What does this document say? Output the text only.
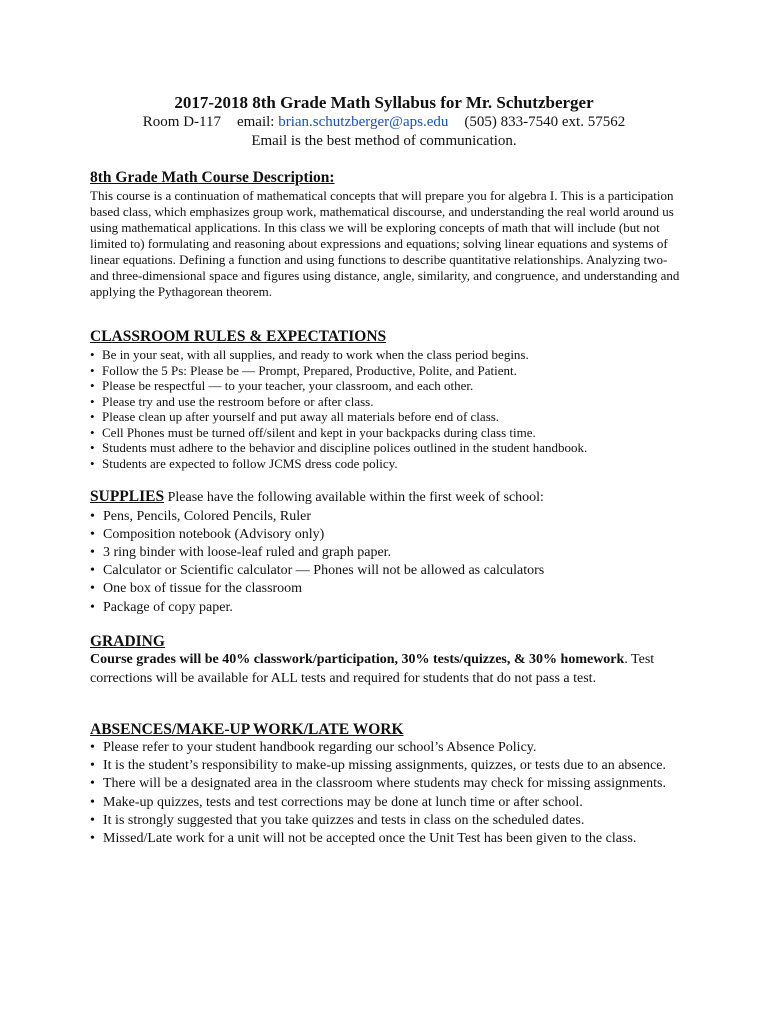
2017-2018 8th Grade Math Syllabus for Mr. Schutzberger
Room D-117 email: brian.schutzberger@aps.edu (505) 833-7540 ext. 57562
Email is the best method of communication.
8th Grade Math Course Description:

This course is a continuation of mathematical concepts that will prepare you for algebra I. This is a participation based class, which emphasizes group work, mathematical discourse, and understanding the real world around us using mathematical applications. In this class we will be exploring concepts of math that will include (but not limited to) formulating and reasoning about expressions and equations; solving linear equations and systems of linear equations. Defining a function and using functions to describe quantitative relationships. Analyzing two- and three-dimensional space and figures using distance, angle, similarity, and congruence, and understanding and applying the Pythagorean theorem.

CLASSROOM RULES & EXPECTATIONS
• Be in your seat, with all supplies, and ready to work when the class period begins.
• Follow the 5 Ps: Please be — Prompt, Prepared, Productive, Polite, and Patient.
• Please be respectful — to your teacher, your classroom, and each other.
• Please try and use the restroom before or after class.
• Please clean up after yourself and put away all materials before end of class.
• Cell Phones must be turned off/silent and kept in your backpacks during class time.
• Students must adhere to the behavior and discipline polices outlined in the student handbook.
• Students are expected to follow JCMS dress code policy.
SUPPLIES Please have the following available within the first week of school:
• Pens, Pencils, Colored Pencils, Ruler
• Composition notebook (Advisory only)
• 3 ring binder with loose-leaf ruled and graph paper.
• Calculator or Scientific calculator — Phones will not be allowed as calculators
• One box of tissue for the classroom
• Package of copy paper.
GRADING

Course grades will be 40% classwork/participation, 30% tests/quizzes, & 30% homework. Test corrections will be available for ALL tests and required for students that do not pass a test.

ABSENCES/MAKE-UP WORK/LATE WORK
• Please refer to your student handbook regarding our school’s Absence Policy.
• It is the student’s responsibility to make-up missing assignments, quizzes, or tests due to an absence.
• There will be a designated area in the classroom where students may check for missing assignments.
• Make-up quizzes, tests and test corrections may be done at lunch time or after school.
• It is strongly suggested that you take quizzes and tests in class on the scheduled dates.
• Missed/Late work for a unit will not be accepted once the Unit Test has been given to the class.
